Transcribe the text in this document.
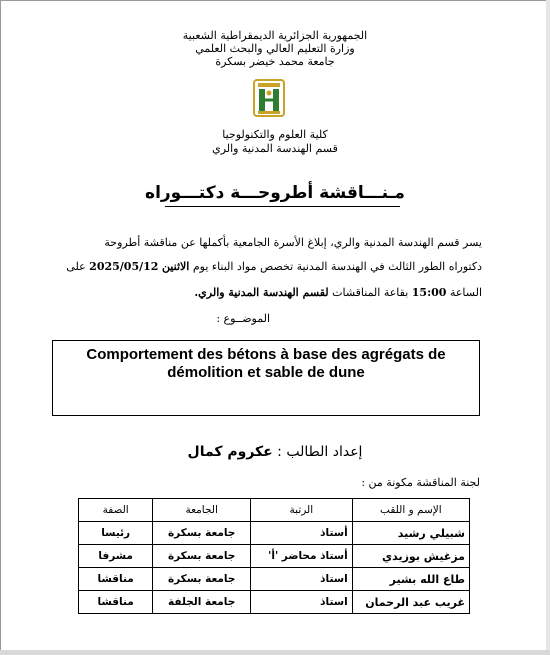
الجمهورية الجزائرية الديمقراطية الشعبية
وزارة التعليم العالي والبحث العلمي
جامعة محمد خيضر بسكرة
كلية العلوم والتكنولوجيا
قسم الهندسة المدنية والري
مـنـــاقشة أطروحـــة دكتـــوراه
يسر قسم الهندسة المدنية والري، إبلاغ الأسرة الجامعية بأكملها عن مناقشة أطروحة
دكتوراه الطور الثالث في الهندسة المدنية تخصص مواد البناء يوم الاثنين 2025/05/12 على
الساعة 15:00 بقاعة المناقشات لقسم الهندسة المدنية والري.
الموضــوع :
Comportement des bétons à base des agrégats de
démolition et sable de dune
إعداد الطالب : عكروم كمال
لجنة المناقشة مكونة من :
الإسم و اللقب	الرتبة	الجامعة	الصفة
شبيلي رشيد	أستاذ	جامعة بسكرة	رئيسا
مزغيش بوزيدي	أستاذ محاضر 'أ'	جامعة بسكرة	مشرفا
طاع الله بشير	استاذ	جامعة بسكرة	مناقشا
غريب عبد الرحمان	استاذ	جامعة الجلفة	مناقشا
